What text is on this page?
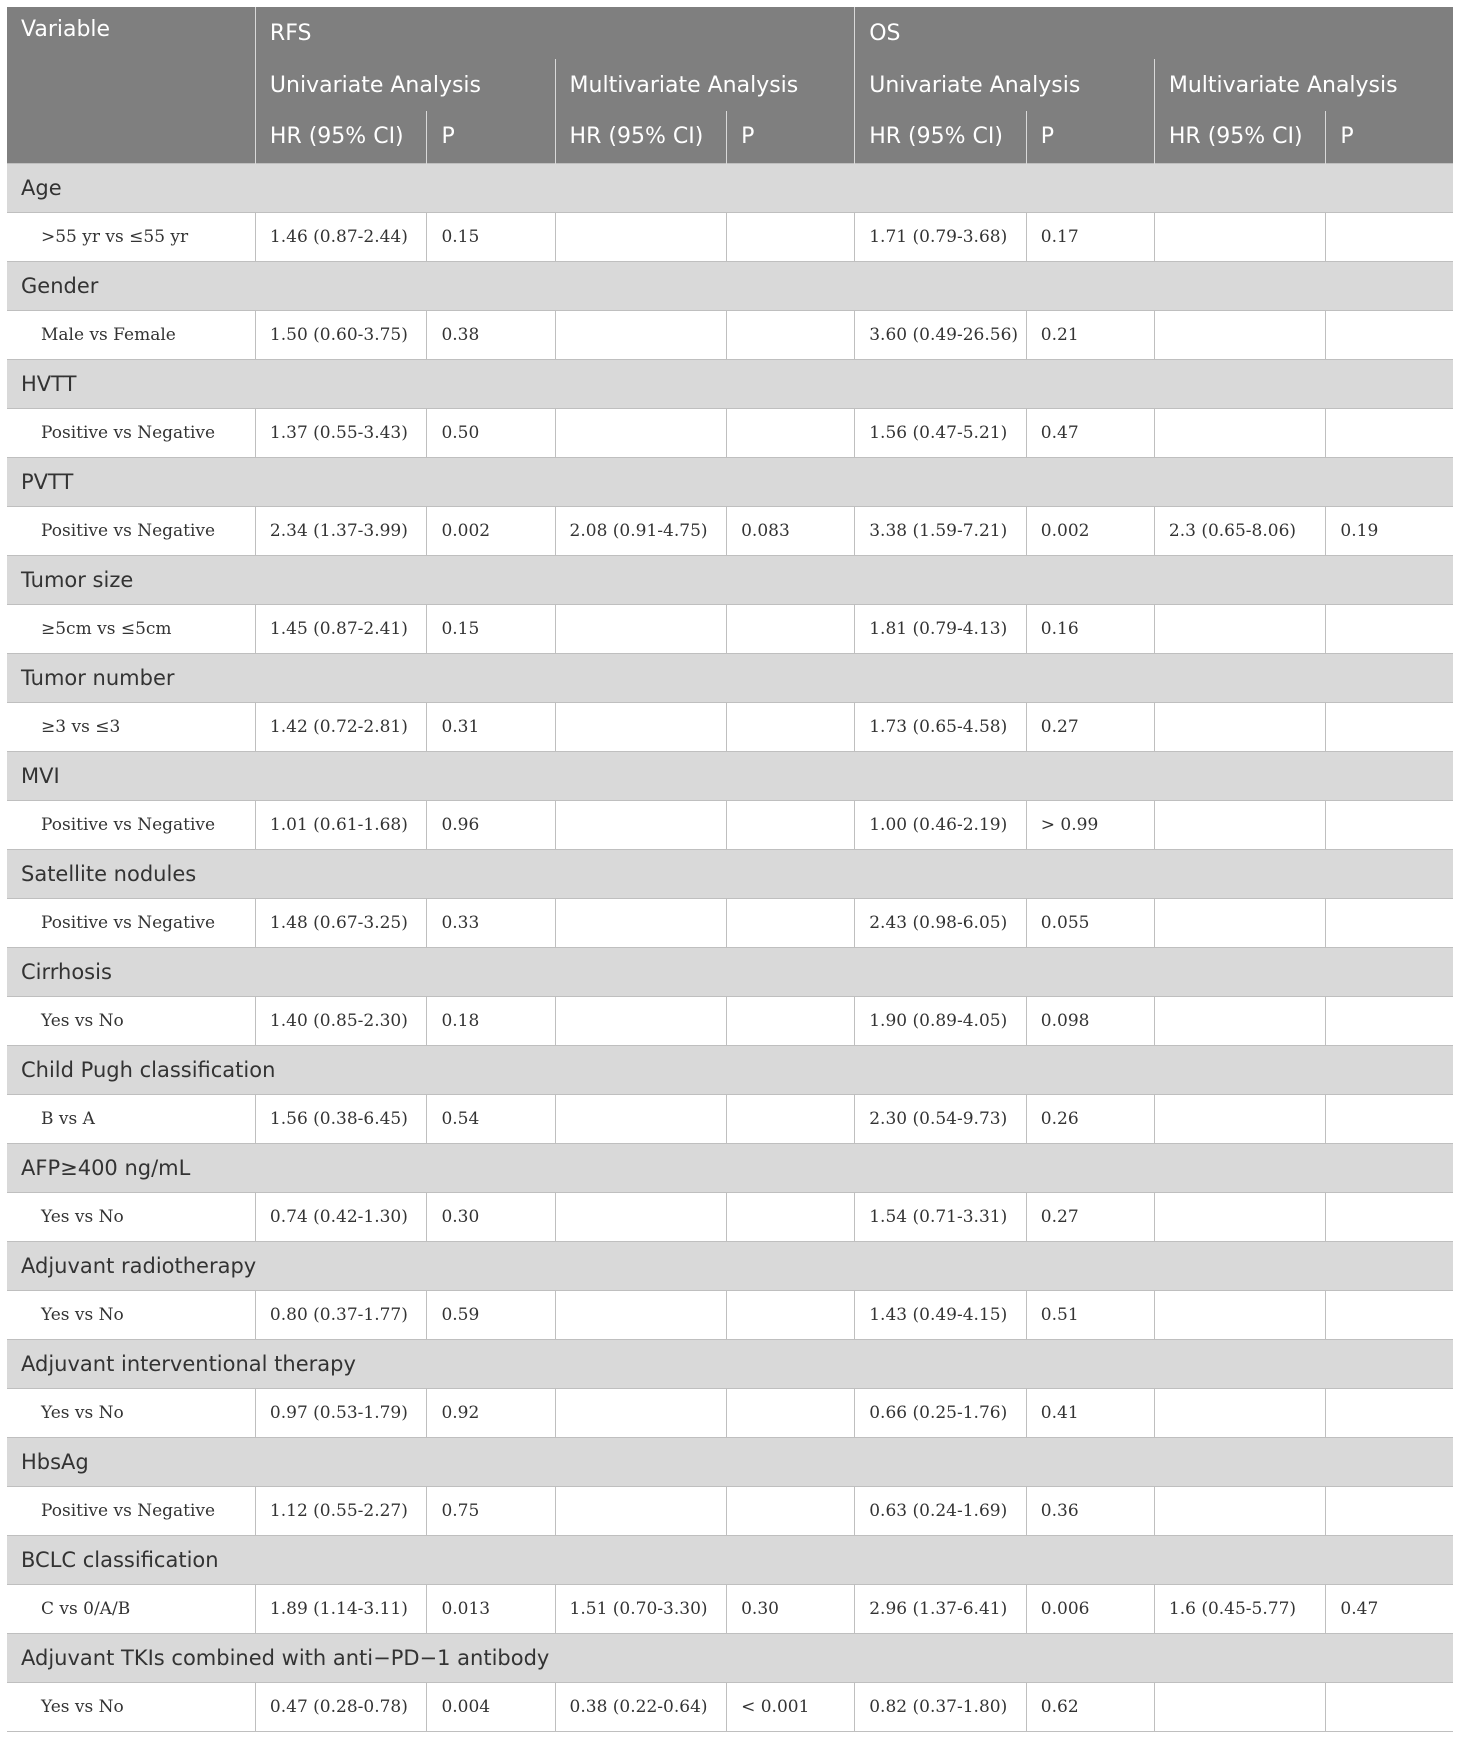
Variable	RFS				OS			
	Univariate Analysis		Multivariate Analysis		Univariate Analysis		Multivariate Analysis	
	HR (95% CI)	P	HR (95% CI)	P	HR (95% CI)	P	HR (95% CI)	P
Age								
>55 yr vs ≤55 yr	1.46 (0.87-2.44)	0.15			1.71 (0.79-3.68)	0.17		
Gender								
Male vs Female	1.50 (0.60-3.75)	0.38			3.60 (0.49-26.56)	0.21		
HVTT								
Positive vs Negative	1.37 (0.55-3.43)	0.50			1.56 (0.47-5.21)	0.47		
PVTT								
Positive vs Negative	2.34 (1.37-3.99)	0.002	2.08 (0.91-4.75)	0.083	3.38 (1.59-7.21)	0.002	2.3 (0.65-8.06)	0.19
Tumor size								
≥5cm vs ≤5cm	1.45 (0.87-2.41)	0.15			1.81 (0.79-4.13)	0.16		
Tumor number								
≥3 vs ≤3	1.42 (0.72-2.81)	0.31			1.73 (0.65-4.58)	0.27		
MVI								
Positive vs Negative	1.01 (0.61-1.68)	0.96			1.00 (0.46-2.19)	> 0.99		
Satellite nodules								
Positive vs Negative	1.48 (0.67-3.25)	0.33			2.43 (0.98-6.05)	0.055		
Cirrhosis								
Yes vs No	1.40 (0.85-2.30)	0.18			1.90 (0.89-4.05)	0.098		
Child Pugh classification								
B vs A	1.56 (0.38-6.45)	0.54			2.30 (0.54-9.73)	0.26		
AFP≥400 ng/mL								
Yes vs No	0.74 (0.42-1.30)	0.30			1.54 (0.71-3.31)	0.27		
Adjuvant radiotherapy								
Yes vs No	0.80 (0.37-1.77)	0.59			1.43 (0.49-4.15)	0.51		
Adjuvant interventional therapy								
Yes vs No	0.97 (0.53-1.79)	0.92			0.66 (0.25-1.76)	0.41		
HbsAg								
Positive vs Negative	1.12 (0.55-2.27)	0.75			0.63 (0.24-1.69)	0.36		
BCLC classification								
C vs 0/A/B	1.89 (1.14-3.11)	0.013	1.51 (0.70-3.30)	0.30	2.96 (1.37-6.41)	0.006	1.6 (0.45-5.77)	0.47
Adjuvant TKIs combined with anti−PD−1 antibody								
Yes vs No	0.47 (0.28-0.78)	0.004	0.38 (0.22-0.64)	< 0.001	0.82 (0.37-1.80)	0.62		
